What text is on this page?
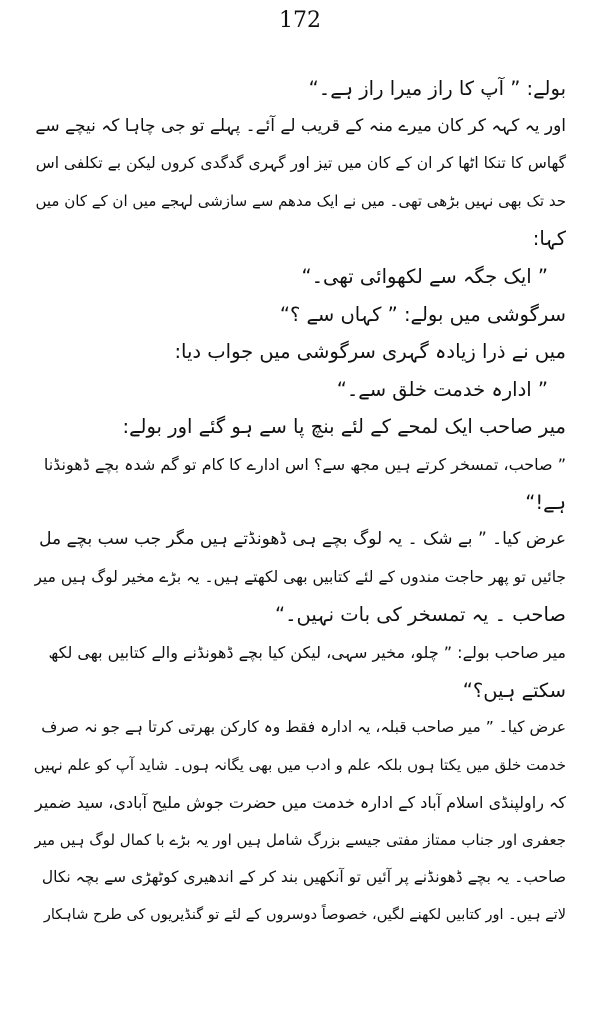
172
بولے: ” آپ کا راز میرا راز ہے۔“
اور یہ کہہ کر کان میرے منہ کے قریب لے آئے۔ پہلے تو جی چاہا کہ نیچے سے
گھاس کا تنکا اٹھا کر ان کے کان میں تیز اور گہری گدگدی کروں لیکن بے تکلفی اس
حد تک بھی نہیں بڑھی تھی۔ میں نے ایک مدھم سے سازشی لہجے میں ان کے کان میں
کہا:
” ایک جگہ سے لکھوائی تھی۔“
سرگوشی میں بولے: ” کہاں سے ؟“
میں نے ذرا زیادہ گہری سرگوشی میں جواب دیا:
” ادارہ خدمت خلق سے۔“
میر صاحب ایک لمحے کے لئے بنچ پا سے ہو گئے اور بولے:
” صاحب، تمسخر کرتے ہیں مجھ سے؟ اس ادارے کا کام تو گم شدہ بچے ڈھونڈنا
ہے!“
عرض کیا۔ ” بے شک ۔ یہ لوگ بچے ہی ڈھونڈتے ہیں مگر جب سب بچے مل
جائیں تو پھر حاجت مندوں کے لئے کتابیں بھی لکھتے ہیں۔ یہ بڑے مخیر لوگ ہیں میر
صاحب ۔ یہ تمسخر کی بات نہیں۔“
میر صاحب بولے: ” چلو، مخیر سہی، لیکن کیا بچے ڈھونڈنے والے کتابیں بھی لکھ
سکتے ہیں؟“
عرض کیا۔ ” میر صاحب قبلہ، یہ ادارہ فقط وہ کارکن بھرتی کرتا ہے جو نہ صرف
خدمت خلق میں یکتا ہوں بلکہ علم و ادب میں بھی یگانہ ہوں۔ شاید آپ کو علم نہیں
کہ راولپنڈی اسلام آباد کے ادارہ خدمت میں حضرت جوش ملیح آبادی، سید ضمیر
جعفری اور جناب ممتاز مفتی جیسے بزرگ شامل ہیں اور یہ بڑے با کمال لوگ ہیں میر
صاحب۔ یہ بچے ڈھونڈنے پر آئیں تو آنکھیں بند کر کے اندھیری کوٹھڑی سے بچہ نکال
لاتے ہیں۔ اور کتابیں لکھنے لگیں، خصوصاً دوسروں کے لئے تو گنڈیریوں کی طرح شاہکار
